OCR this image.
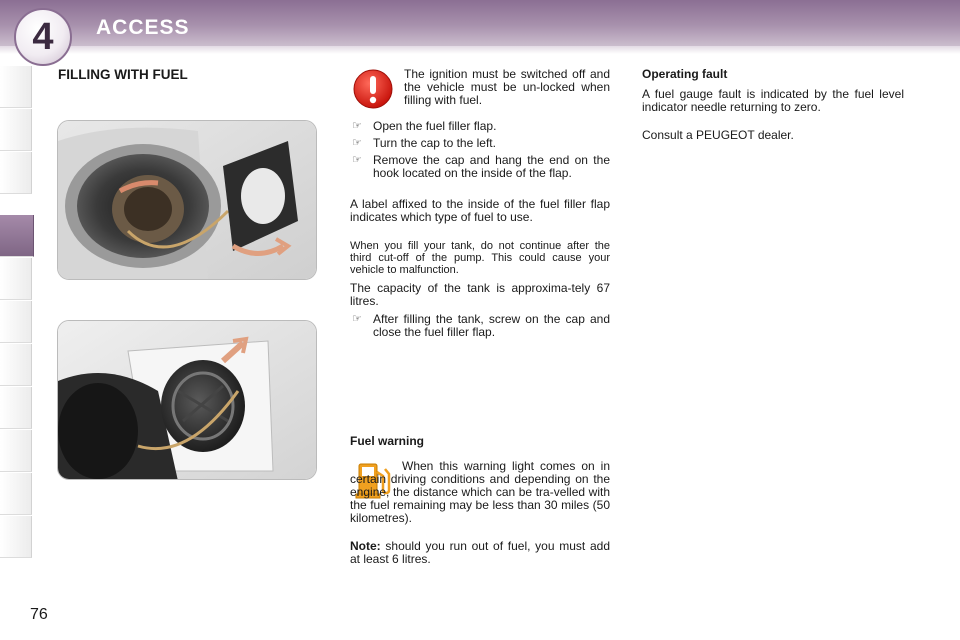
4 ACCESS
FILLING WITH FUEL	The ignition must be switched off and the vehicle must be un-locked when filling with fuel.
☞ Open the fuel filler flap.
☞ Turn the cap to the left.
☞ Remove the cap and hang the end on the hook located on the inside of the flap.
A label affixed to the inside of the fuel filler flap indicates which type of fuel to use.
When you fill your tank, do not continue after the third cut-off of the pump. This could cause your vehicle to malfunction.
The capacity of the tank is approxima-tely 67 litres.
☞ After filling the tank, screw on the cap and close the fuel filler flap.
Fuel warning
When this warning light comes on in certain driving conditions and depending on the engine, the distance which can be tra-velled with the fuel remaining may be less than 30 miles (50 kilometres).
Note: should you run out of fuel, you must add at least 6 litres.
Operating fault
A fuel gauge fault is indicated by the fuel level indicator needle returning to zero.
Consult a PEUGEOT dealer.
76
